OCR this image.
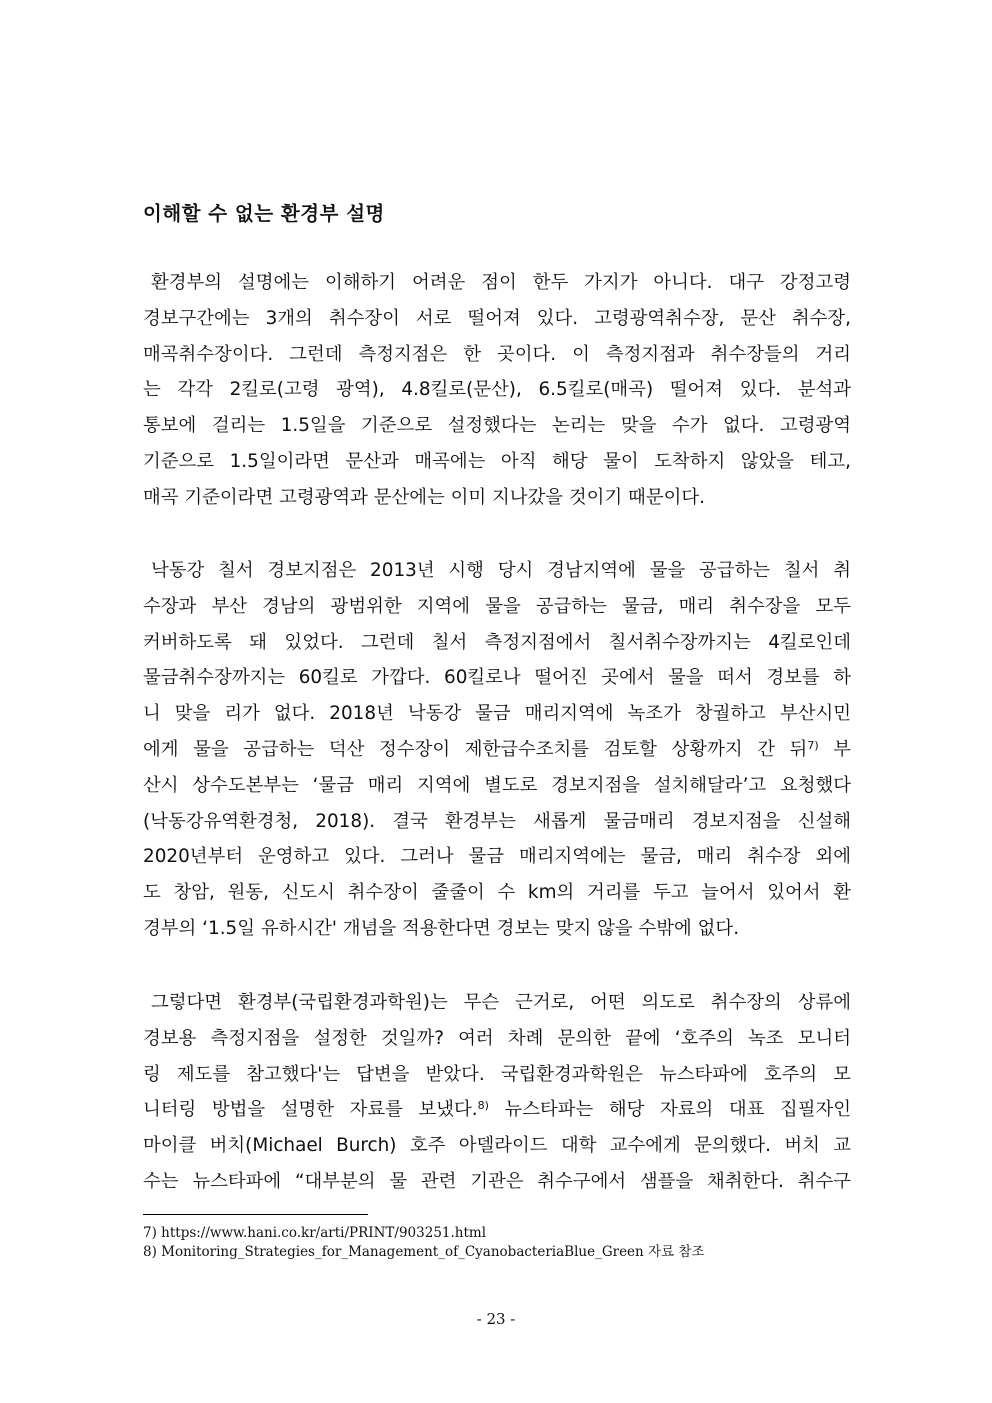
이해할 수 없는 환경부 설명
환경부의 설명에는 이해하기 어려운 점이 한두 가지가 아니다. 대구 강정고령
경보구간에는 3개의 취수장이 서로 떨어져 있다. 고령광역취수장, 문산 취수장,
매곡취수장이다. 그런데 측정지점은 한 곳이다. 이 측정지점과 취수장들의 거리
는 각각 2킬로(고령 광역), 4.8킬로(문산), 6.5킬로(매곡) 떨어져 있다. 분석과
통보에 걸리는 1.5일을 기준으로 설정했다는 논리는 맞을 수가 없다. 고령광역
기준으로 1.5일이라면 문산과 매곡에는 아직 해당 물이 도착하지 않았을 테고,
매곡 기준이라면 고령광역과 문산에는 이미 지나갔을 것이기 때문이다.
낙동강 칠서 경보지점은 2013년 시행 당시 경남지역에 물을 공급하는 칠서 취
수장과 부산 경남의 광범위한 지역에 물을 공급하는 물금, 매리 취수장을 모두
커버하도록 돼 있었다. 그런데 칠서 측정지점에서 칠서취수장까지는 4킬로인데
물금취수장까지는 60킬로 가깝다. 60킬로나 떨어진 곳에서 물을 떠서 경보를 하
니 맞을 리가 없다. 2018년 낙동강 물금 매리지역에 녹조가 창궐하고 부산시민
에게 물을 공급하는 덕산 정수장이 제한급수조치를 검토할 상황까지 간 뒤$^{7)}$ 부
산시 상수도본부는 ‘물금 매리 지역에 별도로 경보지점을 설치해달라’고 요청했다
(낙동강유역환경청, 2018). 결국 환경부는 새롭게 물금매리 경보지점을 신설해
2020년부터 운영하고 있다. 그러나 물금 매리지역에는 물금, 매리 취수장 외에
도 창암, 원동, 신도시 취수장이 줄줄이 수 km의 거리를 두고 늘어서 있어서 환
경부의 ‘1.5일 유하시간' 개념을 적용한다면 경보는 맞지 않을 수밖에 없다.
그렇다면 환경부(국립환경과학원)는 무슨 근거로, 어떤 의도로 취수장의 상류에
경보용 측정지점을 설정한 것일까? 여러 차례 문의한 끝에 ‘호주의 녹조 모니터
링 제도를 참고했다'는 답변을 받았다. 국립환경과학원은 뉴스타파에 호주의 모
니터링 방법을 설명한 자료를 보냈다.$^{8)}$ 뉴스타파는 해당 자료의 대표 집필자인
마이클 버치(Michael Burch) 호주 아델라이드 대학 교수에게 문의했다. 버치 교
수는 뉴스타파에 “대부분의 물 관련 기관은 취수구에서 샘플을 채취한다. 취수구
7) https://www.hani.co.kr/arti/PRINT/903251.html
8) Monitoring_Strategies_for_Management_of_CyanobacteriaBlue_Green 자료 참조
- 23 -
